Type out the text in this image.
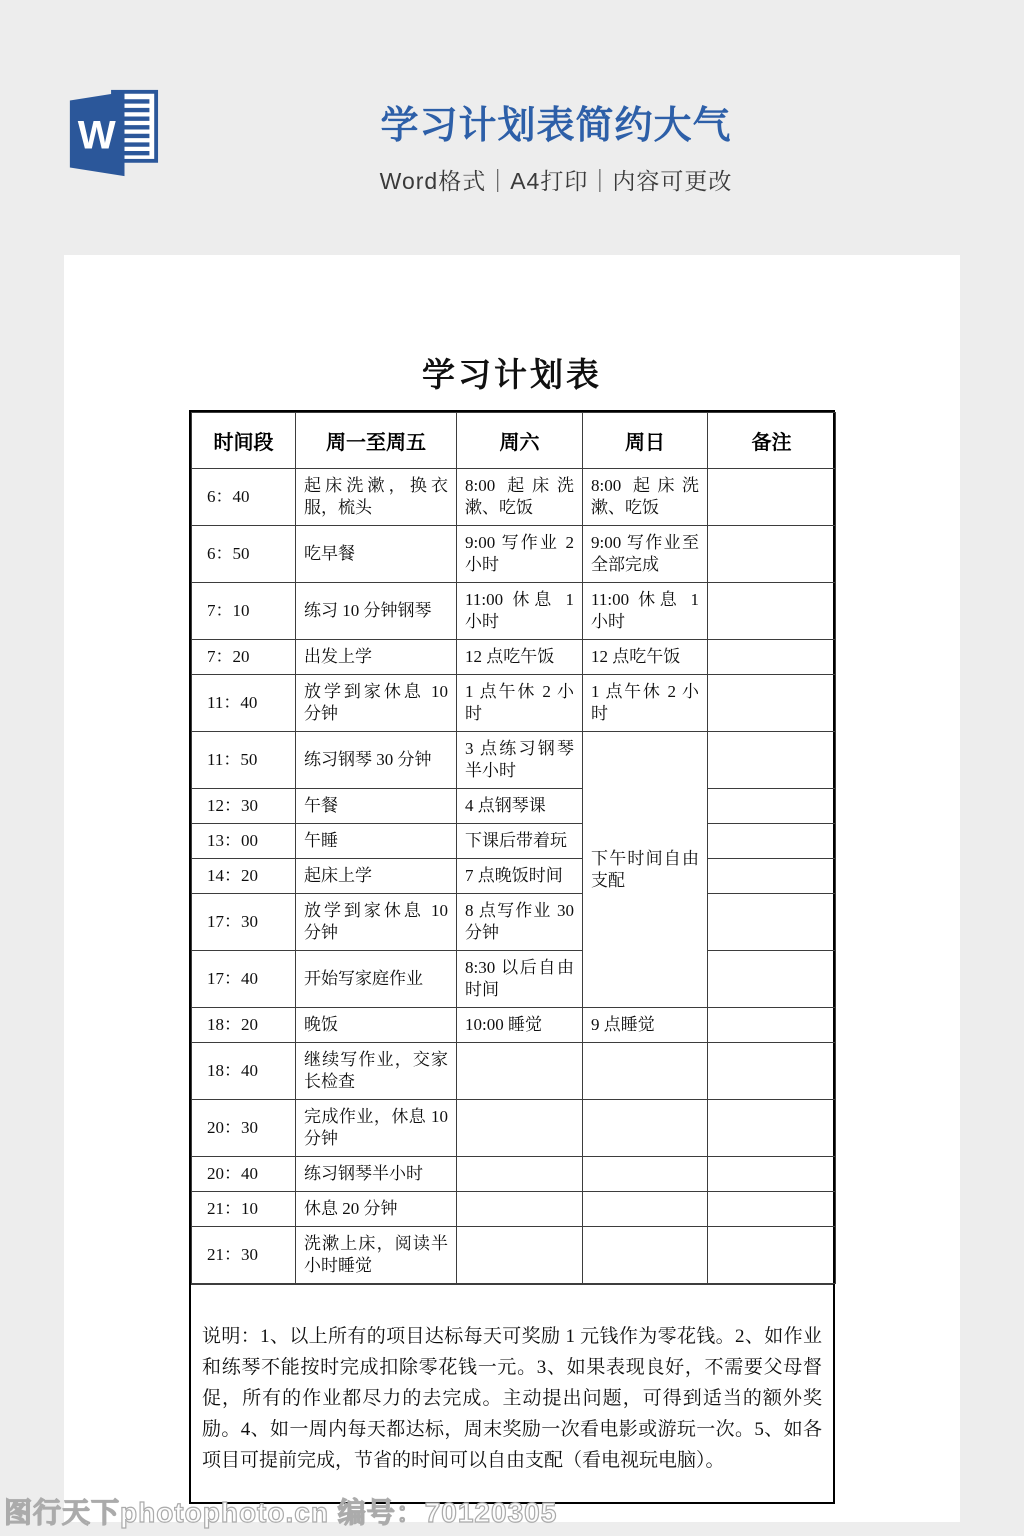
W	学习计划表简约大气
Word格式｜A4打印｜内容可更改
学习计划表
时间段	周一至周五	周六	周日	备注
6：40	起床洗漱，换衣服，梳头	8:00 起床洗漱、吃饭	8:00 起床洗漱、吃饭	
6：50	吃早餐	9:00 写作业 2 小时	9:00 写作业至全部完成	
7：10	练习 10 分钟钢琴	11:00 休息 1 小时	11:00 休息 1 小时	
7：20	出发上学	12 点吃午饭	12 点吃午饭	
11：40	放学到家休息 10 分钟	1 点午休 2 小时	1 点午休 2 小时	
11：50	练习钢琴 30 分钟	3 点练习钢琴半小时	下午时间自由支配	
12：30	午餐	4 点钢琴课		
13：00	午睡	下课后带着玩		
14：20	起床上学	7 点晚饭时间		
17：30	放学到家休息 10 分钟	8 点写作业 30 分钟		
17：40	开始写家庭作业	8:30 以后自由时间		
18：20	晚饭	10:00 睡觉	9 点睡觉	
18：40	继续写作业，交家长检查			
20：30	完成作业，休息 10 分钟			
20：40	练习钢琴半小时			
21：10	休息 20 分钟			
21：30	洗漱上床，阅读半小时睡觉			
说明：1、以上所有的项目达标每天可奖励 1 元钱作为零花钱。2、如作业和练琴不能按时完成扣除零花钱一元。3、如果表现良好，不需要父母督促，所有的作业都尽力的去完成。主动提出问题，可得到适当的额外奖励。4、如一周内每天都达标，周末奖励一次看电影或游玩一次。5、如各项目可提前完成，节省的时间可以自由支配（看电视玩电脑）。
图行天下photophoto.cn 编号：70120305
